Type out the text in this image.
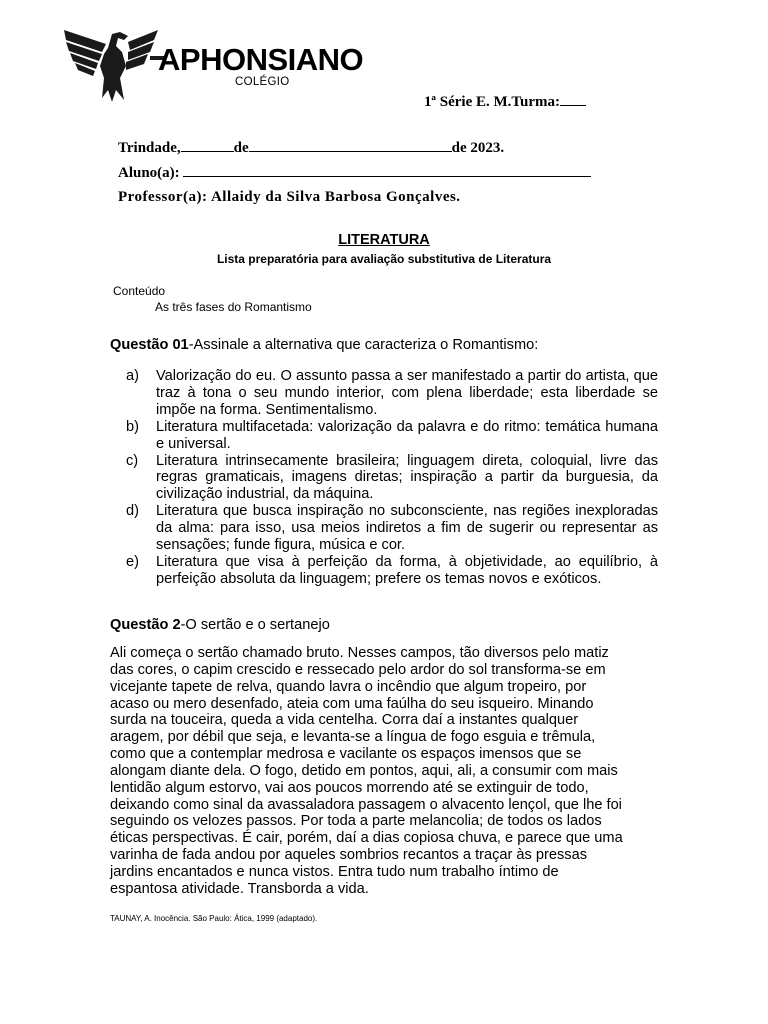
APHONSIANO
COLÉGIO
1ª Série E. M.Turma:
Trindade,	de	de 2023.
Aluno(a):
Professor(a): Allaidy da Silva Barbosa Gonçalves.
LITERATURA
Lista preparatória para avaliação substitutiva de Literatura
Conteúdo
As três fases do Romantismo
Questão 01-Assinale a alternativa que caracteriza o Romantismo:
a)	Valorização do eu. O assunto passa a ser manifestado a partir do artista, que traz à tona o seu mundo interior, com plena liberdade; esta liberdade se impõe na forma. Sentimentalismo.
b)	Literatura multifacetada: valorização da palavra e do ritmo: temática humana e universal.
c)	Literatura intrinsecamente brasileira; linguagem direta, coloquial, livre das regras gramaticais, imagens diretas; inspiração a partir da burguesia, da civilização industrial, da máquina.
d)	Literatura que busca inspiração no subconsciente, nas regiões inexploradas da alma: para isso, usa meios indiretos a fim de sugerir ou representar as sensações; funde figura, música e cor.
e)	Literatura que visa à perfeição da forma, à objetividade, ao equilíbrio, à perfeição absoluta da linguagem; prefere os temas novos e exóticos.
Questão 2-O sertão e o sertanejo
Ali começa o sertão chamado bruto. Nesses campos, tão diversos pelo matiz
das cores, o capim crescido e ressecado pelo ardor do sol transforma-se em
vicejante tapete de relva, quando lavra o incêndio que algum tropeiro, por
acaso ou mero desenfado, ateia com uma faúlha do seu isqueiro. Minando
surda na touceira, queda a vida centelha. Corra daí a instantes qualquer
aragem, por débil que seja, e levanta-se a língua de fogo esguia e trêmula,
como que a contemplar medrosa e vacilante os espaços imensos que se
alongam diante dela. O fogo, detido em pontos, aqui, ali, a consumir com mais
lentidão algum estorvo, vai aos poucos morrendo até se extinguir de todo,
deixando como sinal da avassaladora passagem o alvacento lençol, que lhe foi
seguindo os velozes passos. Por toda a parte melancolia; de todos os lados
éticas perspectivas. É cair, porém, daí a dias copiosa chuva, e parece que uma
varinha de fada andou por aqueles sombrios recantos a traçar às pressas
jardins encantados e nunca vistos. Entra tudo num trabalho íntimo de
espantosa atividade. Transborda a vida.
TAUNAY, A. Inocência. São Paulo: Ática, 1999 (adaptado).
